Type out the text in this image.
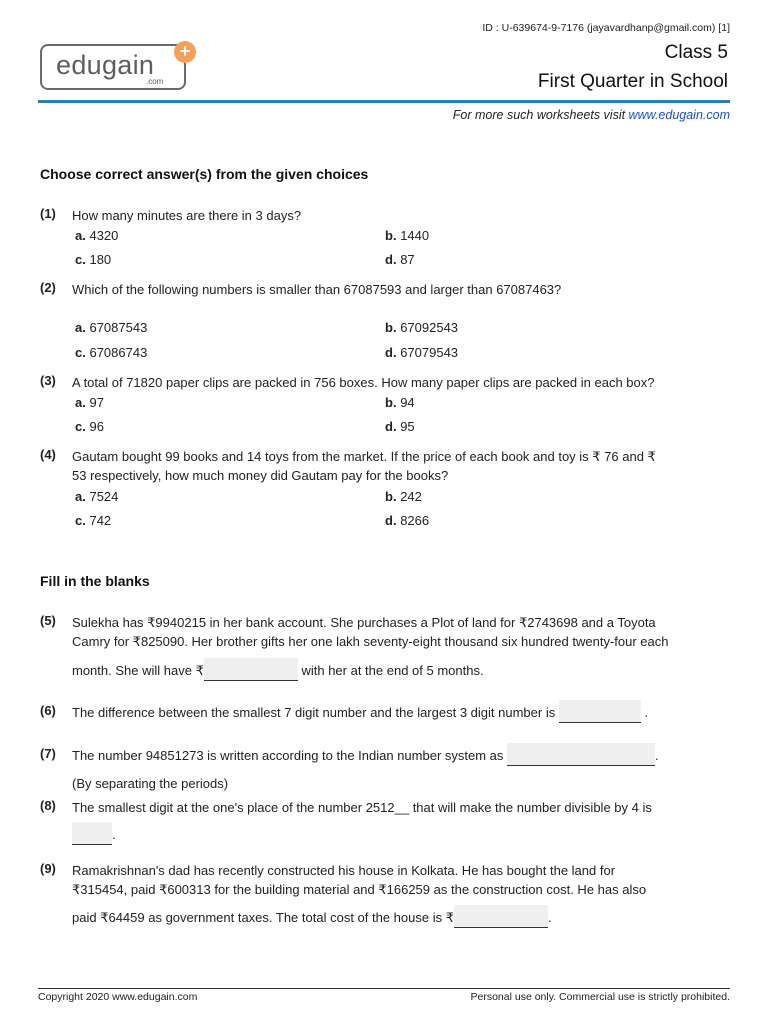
ID : U-639674-9-7176 (jayavardhanp@gmail.com) [1]
edugain
.com
+	Class 5
First Quarter in School
For more such worksheets visit www.edugain.com
Choose correct answer(s) from the given choices
(1) How many minutes are there in 3 days?
a. 4320	b. 1440
c. 180	d. 87
(2) Which of the following numbers is smaller than 67087593 and larger than 67087463?
a. 67087543	b. 67092543
c. 67086743	d. 67079543
(3) A total of 71820 paper clips are packed in 756 boxes. How many paper clips are packed in each box?
a. 97	b. 94
c. 96	d. 95
(4) Gautam bought 99 books and 14 toys from the market. If the price of each book and toy is ₹ 76 and ₹
53 respectively, how much money did Gautam pay for the books?
a. 7524	b. 242
c. 742	d. 8266
Fill in the blanks
(5) Sulekha has ₹9940215 in her bank account. She purchases a Plot of land for ₹2743698 and a Toyota
Camry for ₹825090. Her brother gifts her one lakh seventy-eight thousand six hundred twenty-four each
month. She will have ₹	with her at the end of 5 months.
(6) The difference between the smallest 7 digit number and the largest 3 digit number is	.
(7) The number 94851273 is written according to the Indian number system as	.
(By separating the periods)
(8) The smallest digit at the one's place of the number 2512__ that will make the number divisible by 4 is
.
(9) Ramakrishnan's dad has recently constructed his house in Kolkata. He has bought the land for
₹315454, paid ₹600313 for the building material and ₹166259 as the construction cost. He has also
paid ₹64459 as government taxes. The total cost of the house is ₹	.
Copyright 2020 www.edugain.com	Personal use only. Commercial use is strictly prohibited.
